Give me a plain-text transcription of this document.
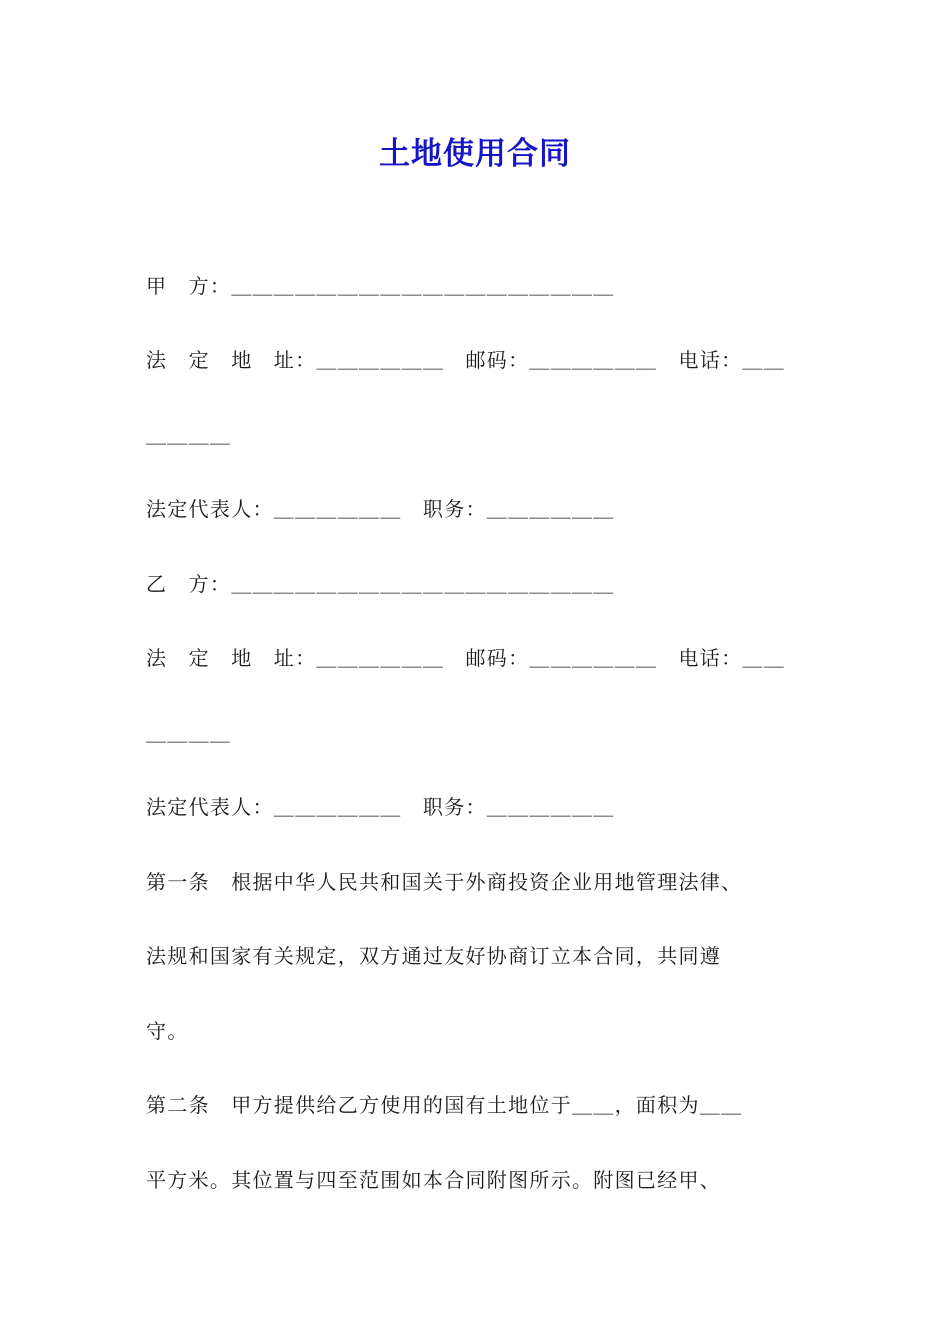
土地使用合同
甲　方：＿＿＿＿＿＿＿＿＿＿＿＿＿＿＿＿＿＿
法　定　地　址：＿＿＿＿＿＿　邮码：＿＿＿＿＿＿　电话：＿＿
＿＿＿＿
法定代表人：＿＿＿＿＿＿　职务：＿＿＿＿＿＿
乙　方：＿＿＿＿＿＿＿＿＿＿＿＿＿＿＿＿＿＿
法　定　地　址：＿＿＿＿＿＿　邮码：＿＿＿＿＿＿　电话：＿＿
＿＿＿＿
法定代表人：＿＿＿＿＿＿　职务：＿＿＿＿＿＿
第一条　根据中华人民共和国关于外商投资企业用地管理法律、
法规和国家有关规定，双方通过友好协商订立本合同，共同遵
守。
第二条　甲方提供给乙方使用的国有土地位于＿＿，面积为＿＿
平方米。其位置与四至范围如本合同附图所示。附图已经甲、
